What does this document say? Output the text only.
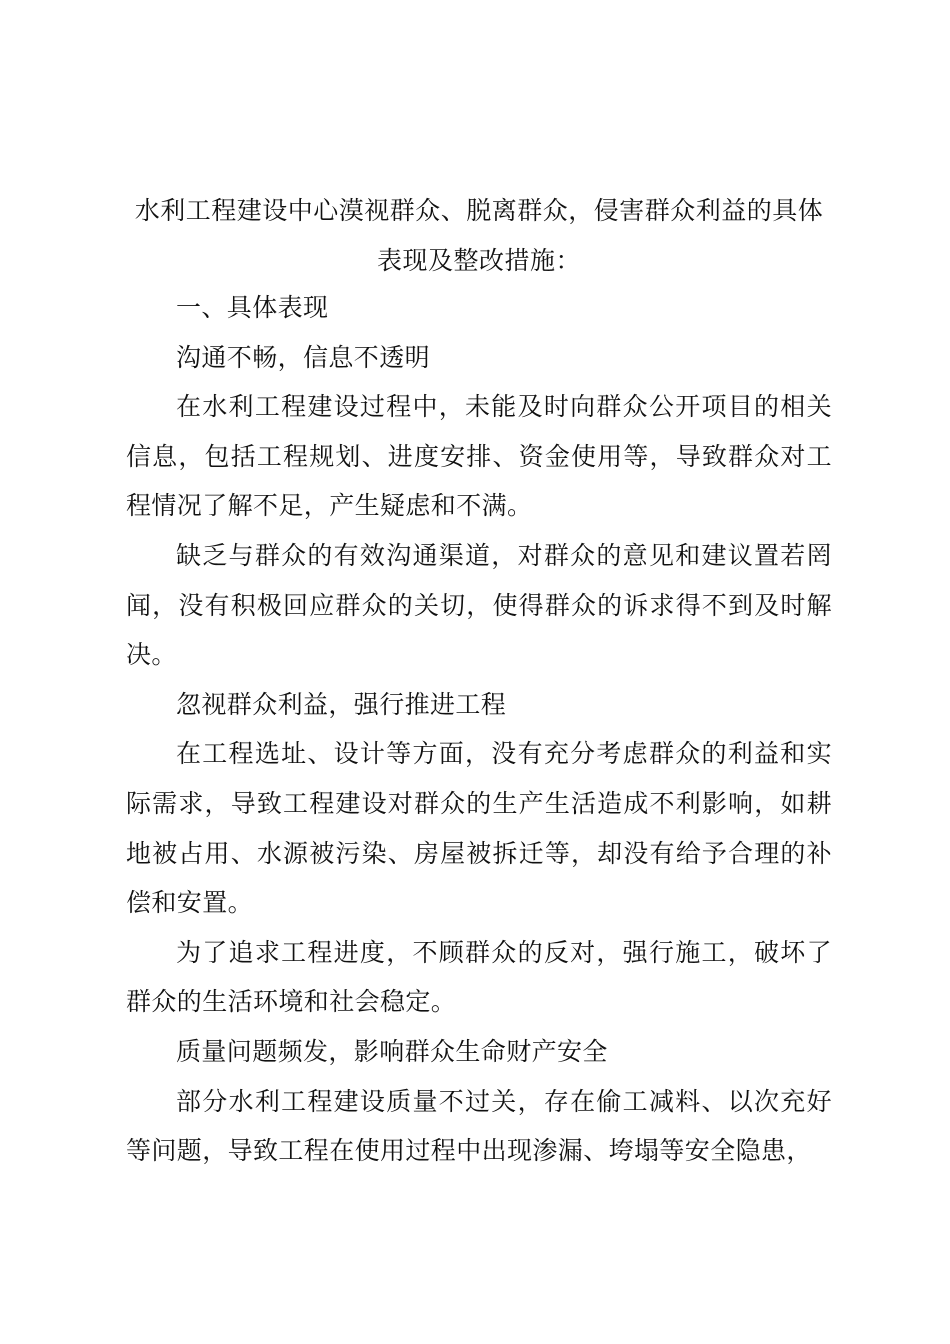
水利工程建设中心漠视群众、脱离群众，侵害群众利益的具体表现及整改措施：

一、具体表现

沟通不畅，信息不透明

在水利工程建设过程中，未能及时向群众公开项目的相关信息，包括工程规划、进度安排、资金使用等，导致群众对工程情况了解不足，产生疑虑和不满。

缺乏与群众的有效沟通渠道，对群众的意见和建议置若罔闻，没有积极回应群众的关切，使得群众的诉求得不到及时解决。

忽视群众利益，强行推进工程

在工程选址、设计等方面，没有充分考虑群众的利益和实际需求，导致工程建设对群众的生产生活造成不利影响，如耕地被占用、水源被污染、房屋被拆迁等，却没有给予合理的补偿和安置。

为了追求工程进度，不顾群众的反对，强行施工，破坏了群众的生活环境和社会稳定。

质量问题频发，影响群众生命财产安全

部分水利工程建设质量不过关，存在偷工减料、以次充好等问题，导致工程在使用过程中出现渗漏、垮塌等安全隐患，
